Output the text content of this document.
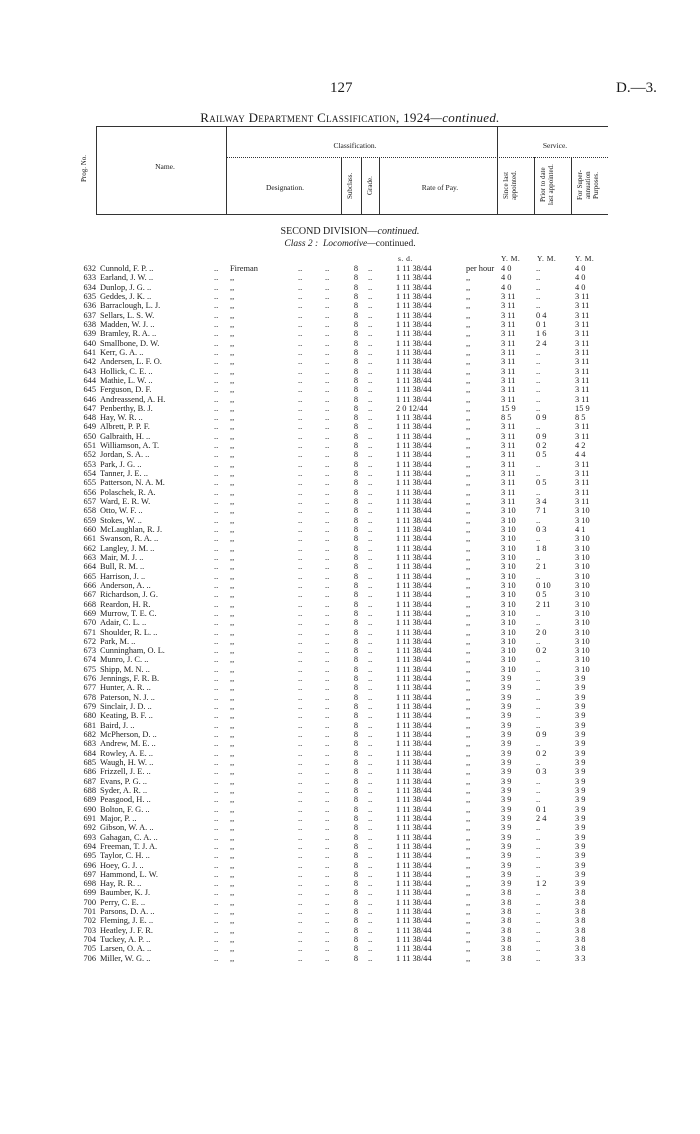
127	D.—3.
Railway Department Classification, 1924—continued.
Prog. No.	Name.
Classification.	Service.
Designation.	Subclass. Grade.	Rate of Pay.	Since last appointed.	Prior to date last appointed.	For Super-annuation Purposes.
SECOND DIVISION—continued.
Class 2 : Locomotive—continued.
s. d.	Y. M. Y. M.	Y. M.
632 Cunnold, F. P. ..	.. Fireman	..	..	8	..	1 11 38/44	per hour 4 0	..	4 0
633 Earland, J. W. ..	.. ,,	..	..	8	..	1 11 38/44	,,	4 0	..	4 0
634 Dunlop, J. G. ..	.. ,,	..	..	8	..	1 11 38/44	,,	4 0	..	4 0
635 Geddes, J. K. ..	.. ,,	..	..	8	..	1 11 38/44	,,	3 11	..	3 11
636 Barraclough, L. J.	.. ,,	..	..	8	..	1 11 38/44	,,	3 11	..	3 11
637 Sellars, L. S. W.	.. ,,	..	..	8	..	1 11 38/44	,,	3 11	0 4	3 11
638 Madden, W. J. ..	.. ,,	..	..	8	..	1 11 38/44	,,	3 11	0 1	3 11
639 Bramley, R. A. ..	.. ,,	..	..	8	..	1 11 38/44	,,	3 11	1 6	3 11
640 Smallbone, D. W.	.. ,,	..	..	8	..	1 11 38/44	,,	3 11	2 4	3 11
641 Kerr, G. A. ..	.. ,,	..	..	8	..	1 11 38/44	,,	3 11	..	3 11
642 Andersen, L. F. O.	.. ,,	..	..	8	..	1 11 38/44	,,	3 11	..	3 11
643 Hollick, C. E. ..	.. ,,	..	..	8	..	1 11 38/44	,,	3 11	..	3 11
644 Mathie, L. W. ..	.. ,,	..	..	8	..	1 11 38/44	,,	3 11	..	3 11
645 Ferguson, D. F.	.. ,,	..	..	8	..	1 11 38/44	,,	3 11	..	3 11
646 Andreassend, A. H.	.. ,,	..	..	8	..	1 11 38/44	,,	3 11	..	3 11
647 Penberthy, B. J.	.. ,,	..	..	8	..	2 0 12/44	,,	15 9	..	15 9
648 Hay, W. R. ..	.. ,,	..	..	8	..	1 11 38/44	,,	8 5	0 9	8 5
649 Albrett, P. P. F.	.. ,,	..	..	8	..	1 11 38/44	,,	3 11	..	3 11
650 Galbraith, H. ..	.. ,,	..	..	8	..	1 11 38/44	,,	3 11	0 9	3 11
651 Williamson, A. T.	.. ,,	..	..	8	..	1 11 38/44	,,	3 11	0 2	4 2
652 Jordan, S. A. ..	.. ,,	..	..	8	..	1 11 38/44	,,	3 11	0 5	4 4
653 Park, J. G. ..	.. ,,	..	..	8	..	1 11 38/44	,,	3 11	..	3 11
654 Tanner, J. E. ..	.. ,,	..	..	8	..	1 11 38/44	,,	3 11	..	3 11
655 Patterson, N. A. M.	.. ,,	..	..	8	..	1 11 38/44	,,	3 11	0 5	3 11
656 Polaschek, R. A.	.. ,,	..	..	8	..	1 11 38/44	,,	3 11	..	3 11
657 Ward, E. R. W.	.. ,,	..	..	8	..	1 11 38/44	,,	3 11	3 4	3 11
658 Otto, W. F. ..	.. ,,	..	..	8	..	1 11 38/44	,,	3 10	7 1	3 10
659 Stokes, W. ..	.. ,,	..	..	8	..	1 11 38/44	,,	3 10	..	3 10
660 McLaughlan, R. J.	.. ,,	..	..	8	..	1 11 38/44	,,	3 10	0 3	4 1
661 Swanson, R. A. ..	.. ,,	..	..	8	..	1 11 38/44	,,	3 10	..	3 10
662 Langley, J. M. ..	.. ,,	..	..	8	..	1 11 38/44	,,	3 10	1 8	3 10
663 Mair, M. J. ..	.. ,,	..	..	8	..	1 11 38/44	,,	3 10	..	3 10
664 Bull, R. M. ..	.. ,,	..	..	8	..	1 11 38/44	,,	3 10	2 1	3 10
665 Harrison, J. ..	.. ,,	..	..	8	..	1 11 38/44	,,	3 10	..	3 10
666 Anderson, A. ..	.. ,,	..	..	8	..	1 11 38/44	,,	3 10	0 10	3 10
667 Richardson, J. G.	.. ,,	..	..	8	..	1 11 38/44	,,	3 10	0 5	3 10
668 Reardon, H. R.	.. ,,	..	..	8	..	1 11 38/44	,,	3 10	2 11	3 10
669 Murrow, T. E. C.	.. ,,	..	..	8	..	1 11 38/44	,,	3 10	..	3 10
670 Adair, C. L. ..	.. ,,	..	..	8	..	1 11 38/44	,,	3 10	..	3 10
671 Shoulder, R. L. ..	.. ,,	..	..	8	..	1 11 38/44	,,	3 10	2 0	3 10
672 Park, M. ..	.. ,,	..	..	8	..	1 11 38/44	,,	3 10	..	3 10
673 Cunningham, O. L.	.. ,,	..	..	8	..	1 11 38/44	,,	3 10	0 2	3 10
674 Munro, J. C. ..	.. ,,	..	..	8	..	1 11 38/44	,,	3 10	..	3 10
675 Shipp, M. N. ..	.. ,,	..	..	8	..	1 11 38/44	,,	3 10	..	3 10
676 Jennings, F. R. B.	.. ,,	..	..	8	..	1 11 38/44	,,	3 9	..	3 9
677 Hunter, A. R. ..	.. ,,	..	..	8	..	1 11 38/44	,,	3 9	..	3 9
678 Paterson, N. J. ..	.. ,,	..	..	8	..	1 11 38/44	,,	3 9	..	3 9
679 Sinclair, J. D. ..	.. ,,	..	..	8	..	1 11 38/44	,,	3 9	..	3 9
680 Keating, B. F. ..	.. ,,	..	..	8	..	1 11 38/44	,,	3 9	..	3 9
681 Baird, J. ..	.. ,,	..	..	8	..	1 11 38/44	,,	3 9	..	3 9
682 McPherson, D. ..	.. ,,	..	..	8	..	1 11 38/44	,,	3 9	0 9	3 9
683 Andrew, M. E. ..	.. ,,	..	..	8	..	1 11 38/44	,,	3 9	..	3 9
684 Rowley, A. E. ..	.. ,,	..	..	8	..	1 11 38/44	,,	3 9	0 2	3 9
685 Waugh, H. W. ..	.. ,,	..	..	8	..	1 11 38/44	,,	3 9	..	3 9
686 Frizzell, J. E. ..	.. ,,	..	..	8	..	1 11 38/44	,,	3 9	0 3	3 9
687 Evans, P. G. ..	.. ,,	..	..	8	..	1 11 38/44	,,	3 9	..	3 9
688 Syder, A. R. ..	.. ,,	..	..	8	..	1 11 38/44	,,	3 9	..	3 9
689 Peasgood, H. ..	.. ,,	..	..	8	..	1 11 38/44	,,	3 9	..	3 9
690 Bolton, F. G. ..	.. ,,	..	..	8	..	1 11 38/44	,,	3 9	0 1	3 9
691 Major, P. ..	.. ,,	..	..	8	..	1 11 38/44	,,	3 9	2 4	3 9
692 Gibson, W. A. ..	.. ,,	..	..	8	..	1 11 38/44	,,	3 9	..	3 9
693 Gahagan, C. A. ..	.. ,,	..	..	8	..	1 11 38/44	,,	3 9	..	3 9
694 Freeman, T. J. A.	.. ,,	..	..	8	..	1 11 38/44	,,	3 9	..	3 9
695 Taylor, C. H. ..	.. ,,	..	..	8	..	1 11 38/44	,,	3 9	..	3 9
696 Hoey, G. J. ..	.. ,,	..	..	8	..	1 11 38/44	,,	3 9	..	3 9
697 Hammond, L. W.	.. ,,	..	..	8	..	1 11 38/44	,,	3 9	..	3 9
698 Hay, R. R. ..	.. ,,	..	..	8	..	1 11 38/44	,,	3 9	1 2	3 9
699 Baumber, K. J.	.. ,,	..	..	8	..	1 11 38/44	,,	3 8	..	3 8
700 Perry, C. E. ..	.. ,,	..	..	8	..	1 11 38/44	,,	3 8	..	3 8
701 Parsons, D. A. ..	.. ,,	..	..	8	..	1 11 38/44	,,	3 8	..	3 8
702 Fleming, J. E. ..	.. ,,	..	..	8	..	1 11 38/44	,,	3 8	..	3 8
703 Heatley, J. F. R.	.. ,,	..	..	8	..	1 11 38/44	,,	3 8	..	3 8
704 Tuckey, A. P. ..	.. ,,	..	..	8	..	1 11 38/44	,,	3 8	..	3 8
705 Larsen, O. A. ..	.. ,,	..	..	8	..	1 11 38/44	,,	3 8	..	3 8
706 Miller, W. G. ..	.. ,,	..	..	8	..	1 11 38/44	,,	3 8	..	3 3
